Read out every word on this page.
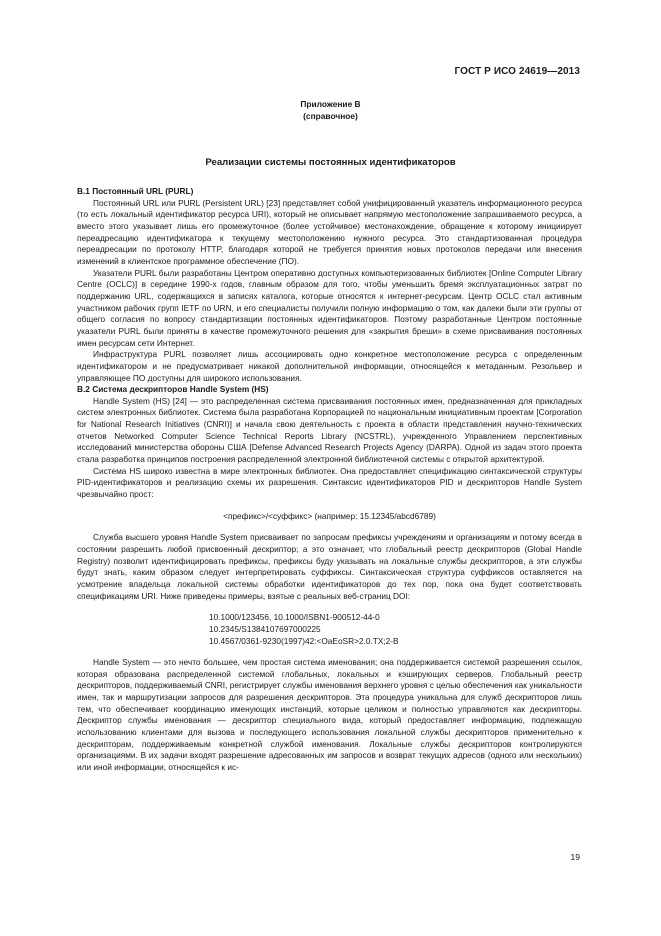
ГОСТ Р ИСО 24619—2013
Приложение В
(справочное)
Реализации системы постоянных идентификаторов

В.1 Постоянный URL (PURL)

Постоянный URL или PURL (Persistent URL) [23] представляет собой унифицированный указатель информационного ресурса (то есть локальный идентификатор ресурса URI), который не описывает напрямую местоположение запрашиваемого ресурса, а вместо этого указывает лишь его промежуточное (более устойчивое) местонахождение, обращение к которому инициирует переадресацию идентификатора к текущему местоположению нужного ресурса. Это стандартизованная процедура переадресации по протоколу HTTP, благодаря которой не требуется принятия новых протоколов передачи или внесения изменений в клиентское программное обеспечение (ПО).

Указатели PURL были разработаны Центром оперативно доступных компьютеризованных библиотек [Online Computer Library Centre (OCLC)] в середине 1990-х годов, главным образом для того, чтобы уменьшить бремя эксплуатационных затрат по поддержанию URL, содержащихся в записях каталога, которые относятся к интернет-ресурсам. Центр OCLC стал активным участником рабочих групп IETF по URN, и его специалисты получили полную информацию о том, как далеки были эти группы от общего согласия по вопросу стандартизации постоянных идентификаторов. Поэтому разработанные Центром постоянные указатели PURL были приняты в качестве промежуточного решения для «закрытия бреши» в схеме присваивания постоянных имен ресурсам сети Интернет.

Инфраструктура PURL позволяет лишь ассоциировать одно конкретное местоположение ресурса с определенным идентификатором и не предусматривает никакой дополнительной информации, относящейся к метаданным. Резольвер и управляющее ПО доступны для широкого использования.

В.2 Система дескрипторов Handle System (HS)

Handle System (HS) [24] — это распределенная система присваивания постоянных имен, предназначенная для прикладных систем электронных библиотек. Система была разработана Корпорацией по национальным инициативным проектам [Corporation for National Research Initiatives (CNRI)] и начала свою деятельность с проекта в области представления научно-технических отчетов Networked Computer Science Technical Reports Library (NCSTRL), учрежденного Управлением перспективных исследований министерства обороны США [Defense Advanced Research Projects Agency (DARPA). Одной из задач этого проекта стала разработка принципов построения распределенной электронной библиотечной системы с открытой архитектурой.

Система HS широко известна в мире электронных библиотек. Она предоставляет спецификацию синтаксической структуры PID-идентификаторов и реализацию схемы их разрешения. Синтаксис идентификаторов PID и дескрипторов Handle System чрезвычайно прост:

<префикс>/<суффикс> (например: 15.12345/abcd6789)

Служба высшего уровня Handle System присваивает по запросам префиксы учреждениям и организациям и потому всегда в состоянии разрешить любой присвоенный дескриптор; а это означает, что глобальный реестр дескрипторов (Global Handle Registry) позволит идентифицировать префиксы, префиксы буду указывать на локальные службы дескрипторов, а эти службы будут знать, каким образом следует интерпретировать суффиксы. Синтаксическая структура суффиксов оставляется на усмотрение владельца локальной системы обработки идентификаторов до тех пор, пока она будет соответствовать спецификациям URI. Ниже приведены примеры, взятые с реальных веб-страниц DOI:

10.1000/123456, 10.1000/ISBN1-900512-44-0
10.2345/S1384107697000225
10.4567/0361-9230(1997)42:<OaEoSR>2.0.TX;2-B

Handle System — это нечто большее, чем простая система именования; она поддерживается системой разрешения ссылок, которая образована распределенной системой глобальных, локальных и кэширующих серверов. Глобальный реестр дескрипторов, поддерживаемый CNRI, регистрирует службы именования верхнего уровня с целью обеспечения как уникальности имен, так и маршрутизации запросов для разрешения дескрипторов. Эта процедура уникальна для служб дескрипторов лишь тем, что обеспечивает координацию именующих инстанций, которые целиком и полностью управляются как дескрипторы. Дескриптор службы именования — дескриптор специального вида, который предоставляет информацию, подлежащую использованию клиентами для вызова и последующего использования локальной службы дескрипторов применительно к дескрипторам, поддерживаемым конкретной службой именования. Локальные службы дескрипторов контролируются организациями. В их задачи входят разрешение адресованных им запросов и возврат текущих адресов (одного или нескольких) или иной информации, относящейся к ис-

19
